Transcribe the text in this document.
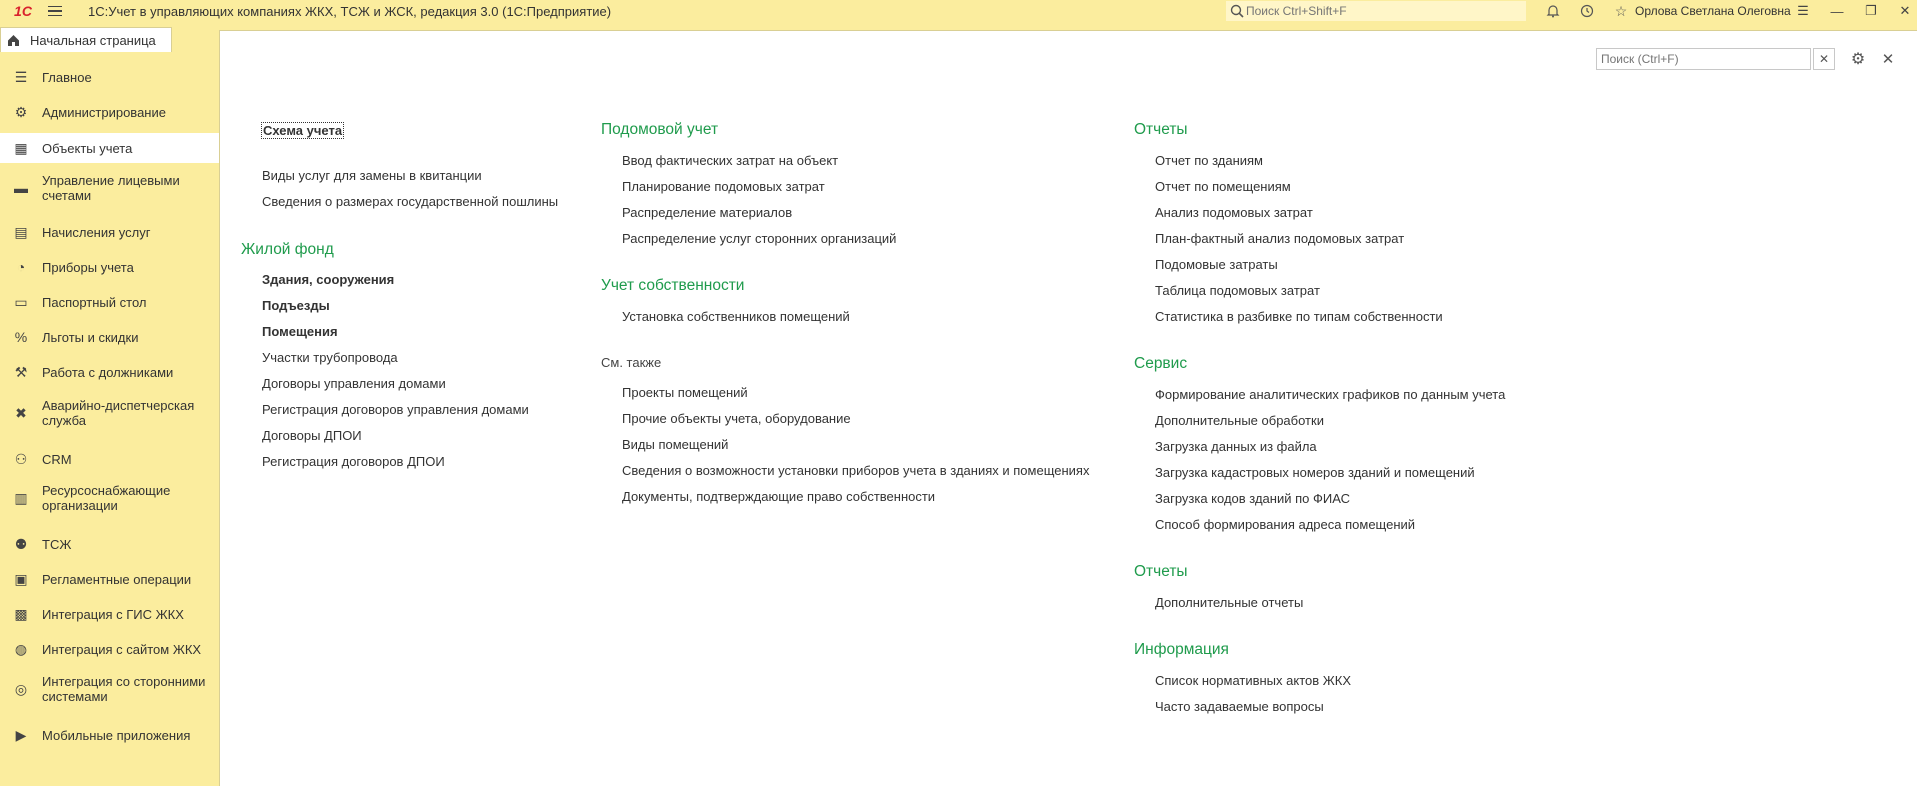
1С	1С:Учет в управляющих компаниях ЖКХ, ТСЖ и ЖСК, редакция 3.0 (1С:Предприятие)
Поиск Ctrl+Shift+F	☆ Орлова Светлана Олеговна ☰	—	❐	✕
Начальная страница
☰	Главное
⚙	Администрирование
▦	Объекты учета
▬	Управление лицевыми счетами
▤	Начисления услуг
◔	Приборы учета
▭	Паспортный стол
%	Льготы и скидки
⚒	Работа с должниками
✖	Аварийно-диспетчерская служба
⚇	CRM
▥	Ресурсоснабжающие организации
⚉	ТСЖ
▣	Регламентные операции
▩	Интеграция с ГИС ЖКХ
◍	Интеграция с сайтом ЖКХ
◎	Интеграция со сторонними системами
▶	Мобильные приложения
Поиск (Ctrl+F)
✕	⚙	✕
Схема учета
Виды услуг для замены в квитанции
Сведения о размерах государственной пошлины
Жилой фонд
Здания, сооружения
Подъезды
Помещения
Участки трубопровода
Договоры управления домами
Регистрация договоров управления домами
Договоры ДПОИ
Регистрация договоров ДПОИ
Подомовой учет
Ввод фактических затрат на объект
Планирование подомовых затрат
Распределение материалов
Распределение услуг сторонних организаций
Учет собственности
Установка собственников помещений
См. также
Проекты помещений
Прочие объекты учета, оборудование
Виды помещений
Сведения о возможности установки приборов учета в зданиях и помещениях
Документы, подтверждающие право собственности
Отчеты
Отчет по зданиям
Отчет по помещениям
Анализ подомовых затрат
План-фактный анализ подомовых затрат
Подомовые затраты
Таблица подомовых затрат
Статистика в разбивке по типам собственности
Сервис
Формирование аналитических графиков по данным учета
Дополнительные обработки
Загрузка данных из файла
Загрузка кадастровых номеров зданий и помещений
Загрузка кодов зданий по ФИАС
Способ формирования адреса помещений
Отчеты
Дополнительные отчеты
Информация
Список нормативных актов ЖКХ
Часто задаваемые вопросы
